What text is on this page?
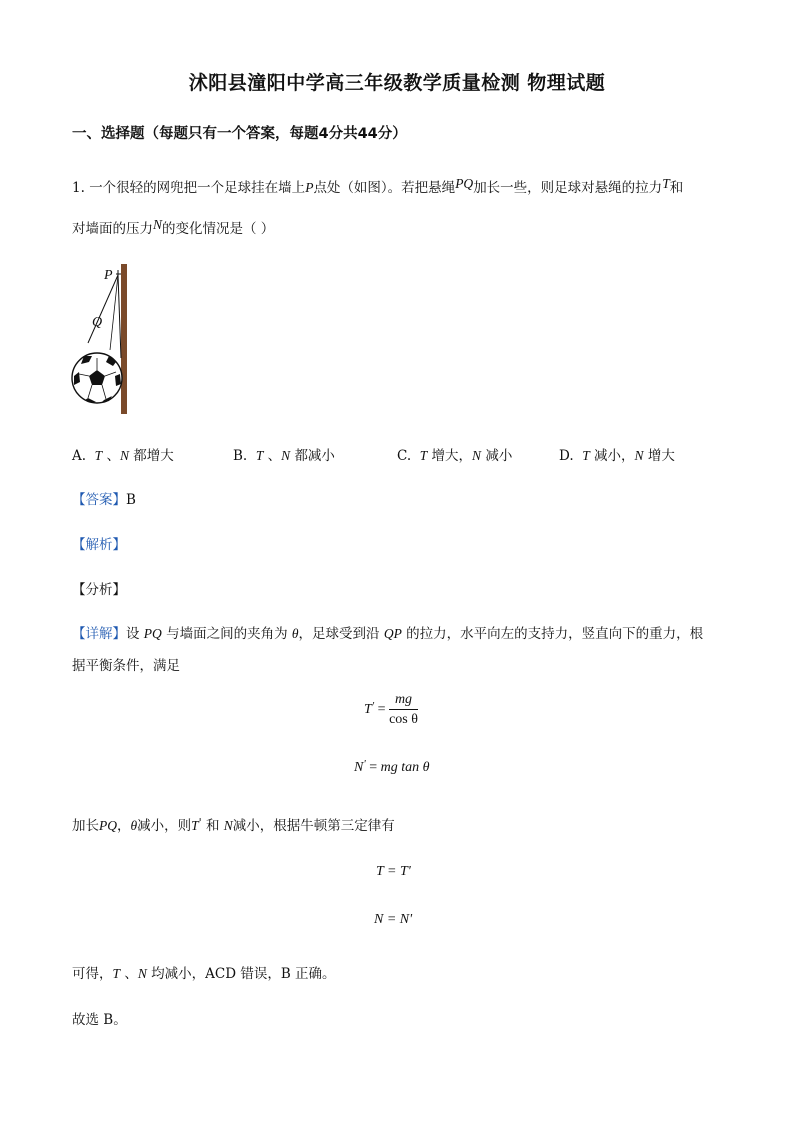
沭阳县潼阳中学高三年级教学质量检测 物理试题
一、选择题（每题只有一个答案，每题4分共44分）
1. 一个很轻的网兜把一个足球挂在墙上P点处（如图）。若把悬绳PQ加长一些，则足球对悬绳的拉力T和
对墙面的压力N的变化情况是（ ）
P
Q
A. T 、N 都增大	B. T 、N 都减小	C. T 增大，N 减小	D. T 减小，N 增大
【答案】B
【解析】
【分析】
【详解】设 PQ 与墙面之间的夹角为 θ，足球受到沿 QP 的拉力，水平向左的支持力，竖直向下的重力，根
据平衡条件，满足
$T' = \frac{mg}{\text{cos θ}}$
N' = mg tan θ
加长PQ，θ减小，则T' 和 N减小，根据牛顿第三定律有
T = T'
N = N'
可得，T 、N 均减小，ACD 错误，B 正确。
故选 B。
